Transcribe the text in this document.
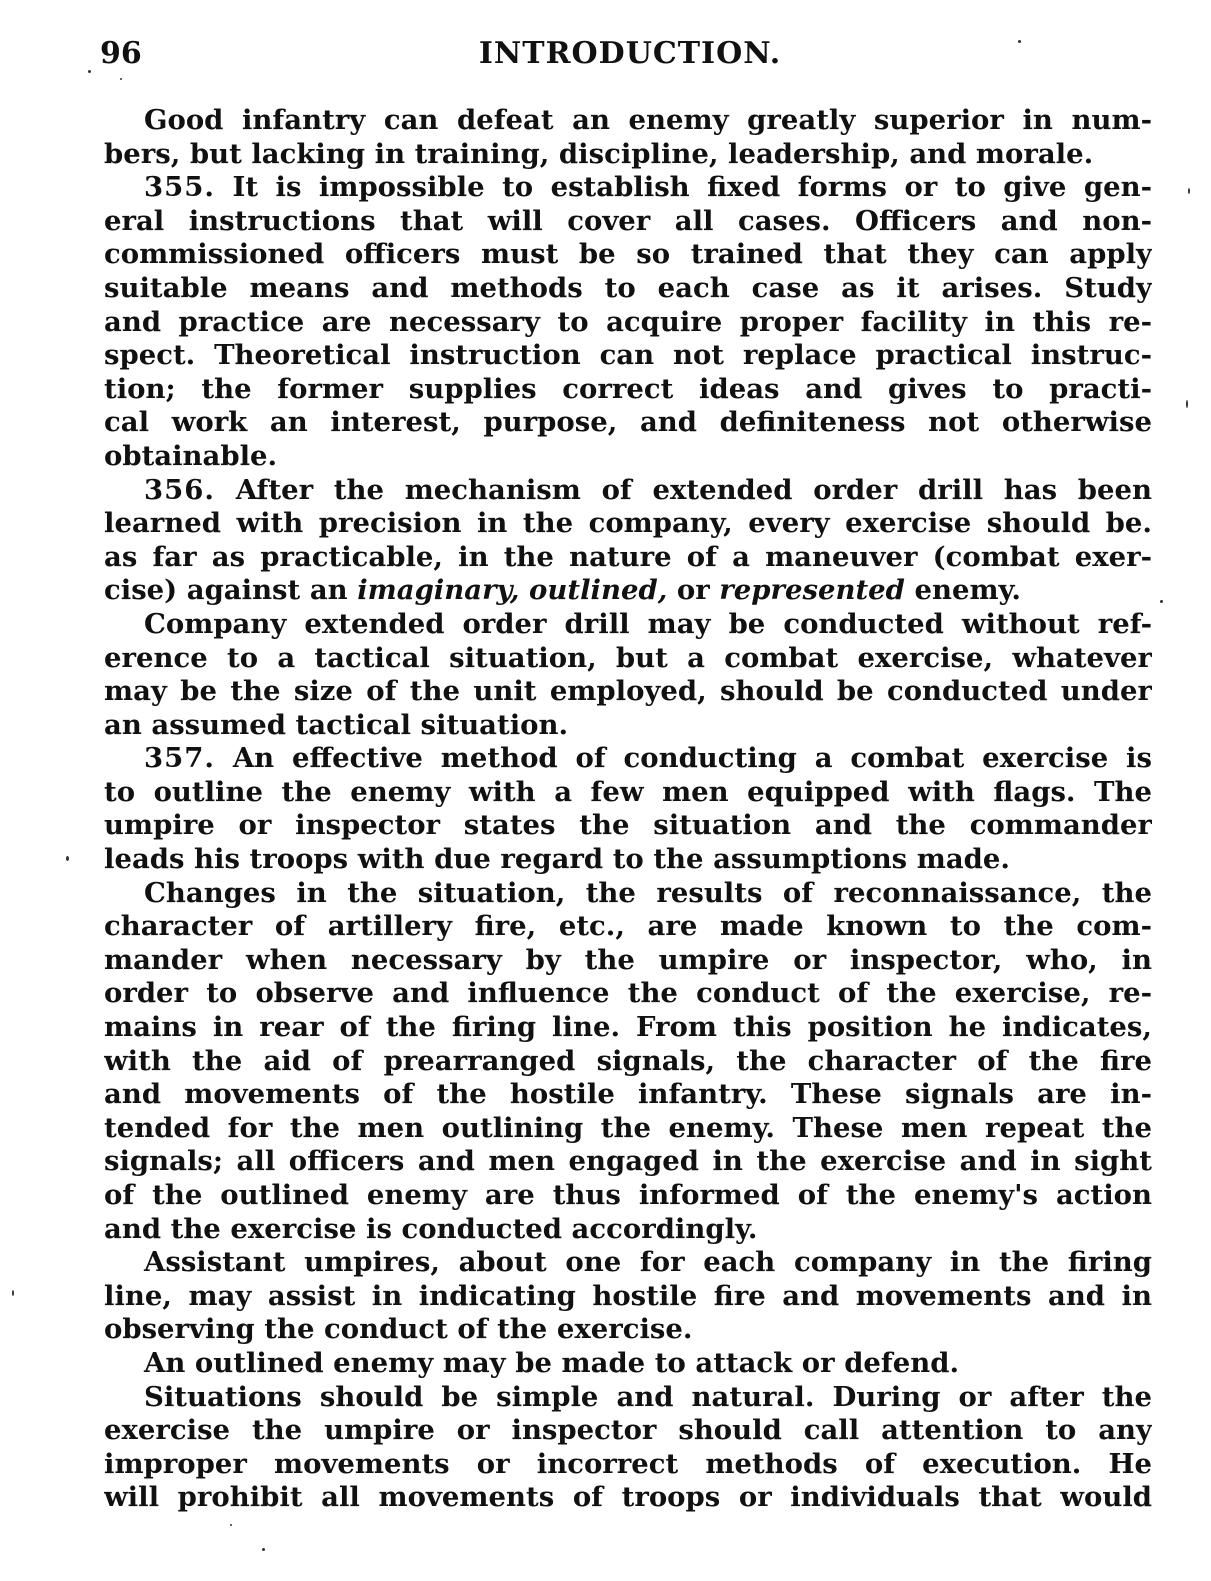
96	INTRODUCTION.
Good infantry can defeat an enemy greatly superior in num-
bers, but lacking in training, discipline, leadership, and morale.
355. It is impossible to establish fixed forms or to give gen-
eral instructions that will cover all cases. Officers and non-
commissioned officers must be so trained that they can apply
suitable means and methods to each case as it arises. Study
and practice are necessary to acquire proper facility in this re-
spect. Theoretical instruction can not replace practical instruc-
tion; the former supplies correct ideas and gives to practi-
cal work an interest, purpose, and definiteness not otherwise
obtainable.
356. After the mechanism of extended order drill has been
learned with precision in the company, every exercise should be.
as far as practicable, in the nature of a maneuver (combat exer-
cise) against an imaginary, outlined, or represented enemy.
Company extended order drill may be conducted without ref-
erence to a tactical situation, but a combat exercise, whatever
may be the size of the unit employed, should be conducted under
an assumed tactical situation.
357. An effective method of conducting a combat exercise is
to outline the enemy with a few men equipped with flags. The
umpire or inspector states the situation and the commander
leads his troops with due regard to the assumptions made.
Changes in the situation, the results of reconnaissance, the
character of artillery fire, etc., are made known to the com-
mander when necessary by the umpire or inspector, who, in
order to observe and influence the conduct of the exercise, re-
mains in rear of the firing line. From this position he indicates,
with the aid of prearranged signals, the character of the fire
and movements of the hostile infantry. These signals are in-
tended for the men outlining the enemy. These men repeat the
signals; all officers and men engaged in the exercise and in sight
of the outlined enemy are thus informed of the enemy's action
and the exercise is conducted accordingly.
Assistant umpires, about one for each company in the firing
line, may assist in indicating hostile fire and movements and in
observing the conduct of the exercise.
An outlined enemy may be made to attack or defend.
Situations should be simple and natural. During or after the
exercise the umpire or inspector should call attention to any
improper movements or incorrect methods of execution. He
will prohibit all movements of troops or individuals that would
